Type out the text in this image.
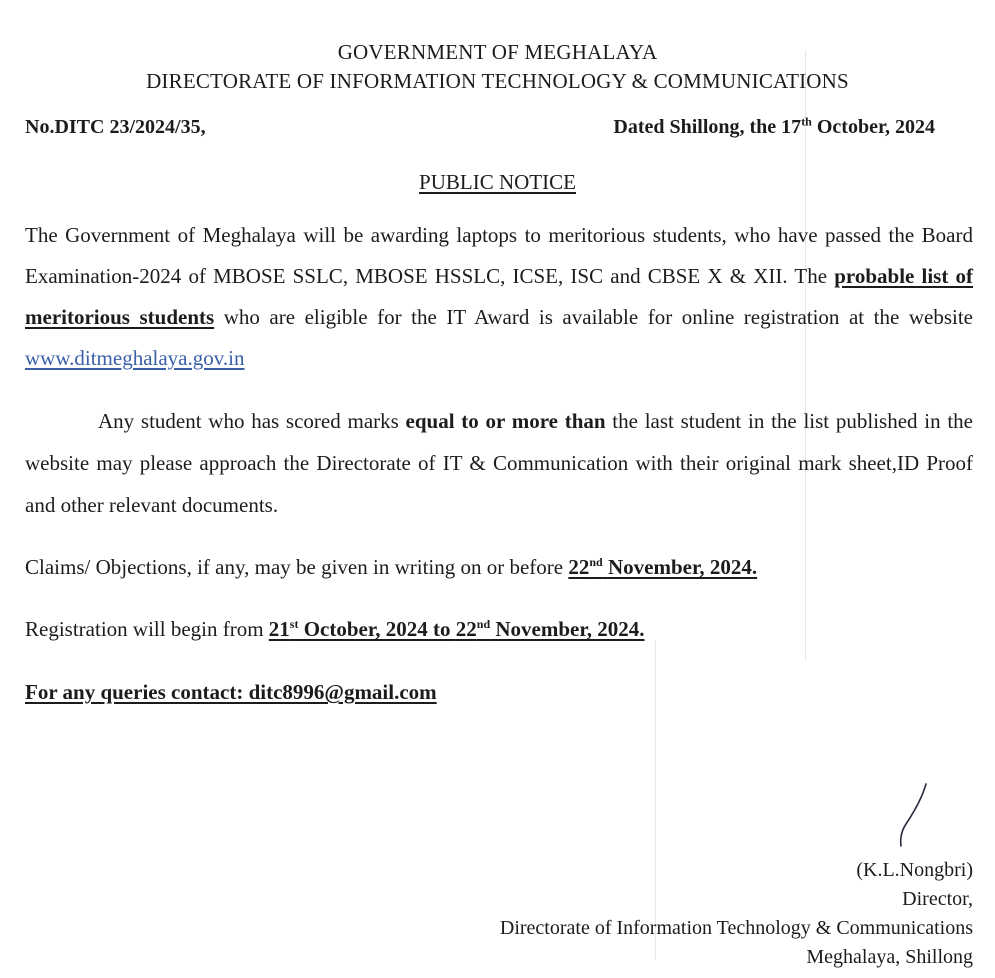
GOVERNMENT OF MEGHALAYA
DIRECTORATE OF INFORMATION TECHNOLOGY & COMMUNICATIONS
No.DITC 23/2024/35,	Dated Shillong, the 17th October, 2024
PUBLIC NOTICE
The Government of Meghalaya will be awarding laptops to meritorious students, who have passed the Board Examination-2024 of MBOSE SSLC, MBOSE HSSLC, ICSE, ISC and CBSE X & XII. The probable list of meritorious students who are eligible for the IT Award is available for online registration at the website www.ditmeghalaya.gov.in
Any student who has scored marks equal to or more than the last student in the list published in the website may please approach the Directorate of IT & Communication with their original mark sheet,ID Proof and other relevant documents.
Claims/ Objections, if any, may be given in writing on or before 22nd November, 2024.
Registration will begin from 21st October, 2024 to 22nd November, 2024.
For any queries contact: ditc8996@gmail.com
(K.L.Nongbri)
Director,
Directorate of Information Technology & Communications
Meghalaya, Shillong
